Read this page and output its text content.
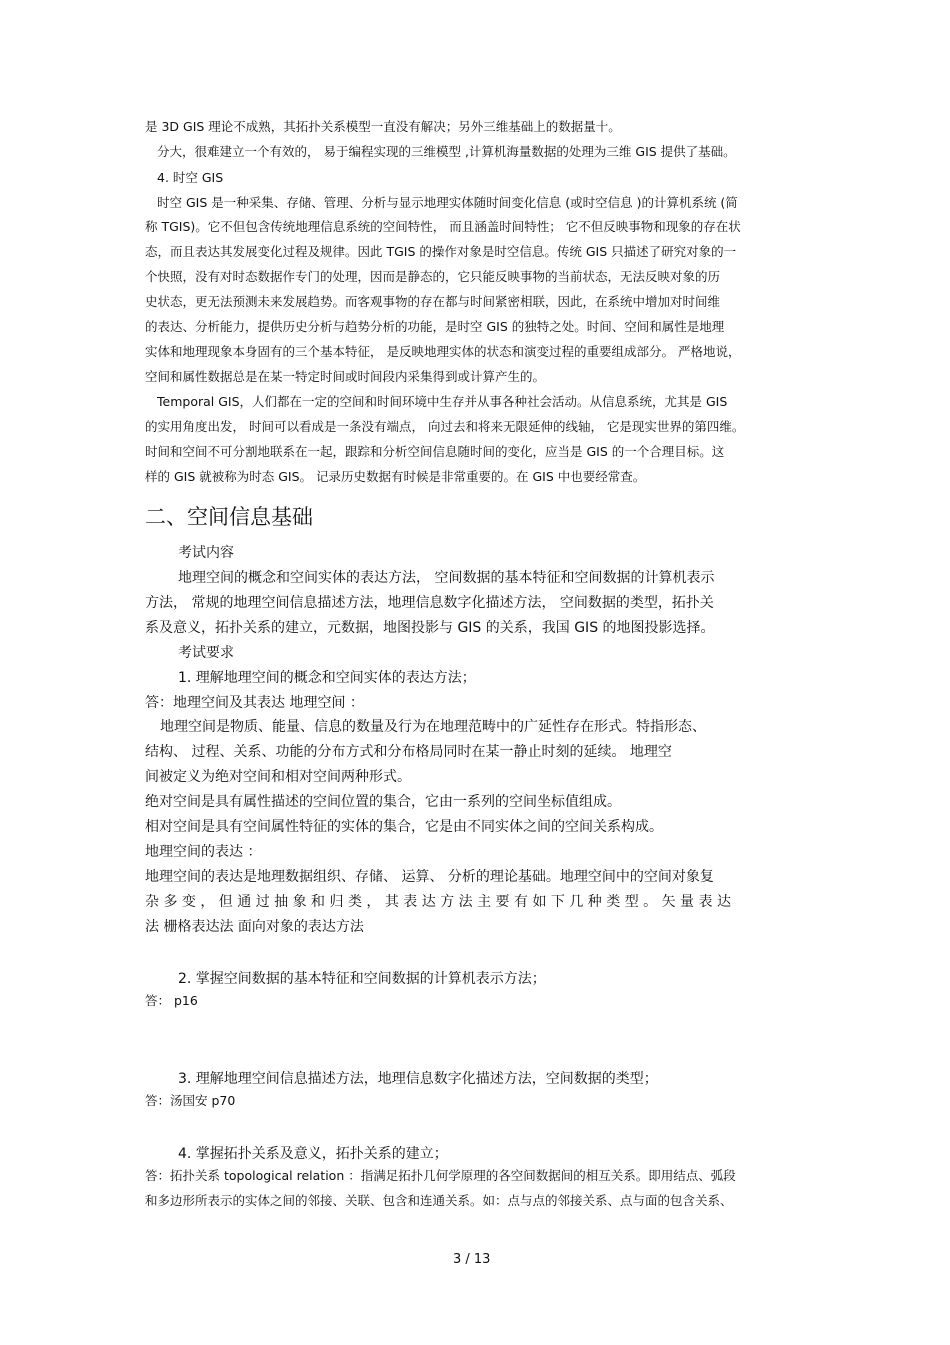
是 3D GIS 理论不成熟，其拓扑关系模型一直没有解决；另外三维基础上的数据量十。
分大，很难建立一个有效的， 易于编程实现的三维模型 ,计算机海量数据的处理为三维 GIS 提供了基础。
4. 时空 GIS
时空 GIS 是一种采集、存储、管理、分析与显示地理实体随时间变化信息 (或时空信息 )的计算机系统 (简
称 TGIS)。它不但包含传统地理信息系统的空间特性， 而且涵盖时间特性； 它不但反映事物和现象的存在状
态，而且表达其发展变化过程及规律。因此 TGIS 的操作对象是时空信息。传统 GIS 只描述了研究对象的一
个快照，没有对时态数据作专门的处理，因而是静态的，它只能反映事物的当前状态，无法反映对象的历
史状态，更无法预测未来发展趋势。而客观事物的存在都与时间紧密相联，因此，在系统中增加对时间维
的表达、分析能力，提供历史分析与趋势分析的功能，是时空 GIS 的独特之处。时间、空间和属性是地理
实体和地理现象本身固有的三个基本特征， 是反映地理实体的状态和演变过程的重要组成部分。 严格地说，
空间和属性数据总是在某一特定时间或时间段内采集得到或计算产生的。
Temporal GIS，人们都在一定的空间和时间环境中生存并从事各种社会活动。从信息系统，尤其是 GIS
的实用角度出发， 时间可以看成是一条没有端点， 向过去和将来无限延伸的线轴， 它是现实世界的第四维。
时间和空间不可分割地联系在一起，跟踪和分析空间信息随时间的变化，应当是 GIS 的一个合理目标。这
样的 GIS 就被称为时态 GIS。 记录历史数据有时候是非常重要的。在 GIS 中也要经常查。
二、空间信息基础
考试内容
地理空间的概念和空间实体的表达方法， 空间数据的基本特征和空间数据的计算机表示
方法， 常规的地理空间信息描述方法，地理信息数字化描述方法， 空间数据的类型，拓扑关
系及意义，拓扑关系的建立，元数据，地图投影与 GIS 的关系，我国 GIS 的地图投影选择。
考试要求
1. 理解地理空间的概念和空间实体的表达方法；
答：地理空间及其表达 地理空间 ：
地理空间是物质、能量、信息的数量及行为在地理范畴中的广延性存在形式。特指形态、
结构、 过程、关系、功能的分布方式和分布格局同时在某一静止时刻的延续。 地理空
间被定义为绝对空间和相对空间两种形式。
绝对空间是具有属性描述的空间位置的集合，它由一系列的空间坐标值组成。
相对空间是具有空间属性特征的实体的集合，它是由不同实体之间的空间关系构成。
地理空间的表达 ：
地理空间的表达是地理数据组织、存储、 运算、 分析的理论基础。地理空间中的空间对象复
杂 多 变 ， 但 通 过 抽 象 和 归 类 ， 其 表 达 方 法 主 要 有 如 下 几 种 类 型 。 矢 量 表 达
法 栅格表达法 面向对象的表达方法
2. 掌握空间数据的基本特征和空间数据的计算机表示方法；
答： p16
3. 理解地理空间信息描述方法，地理信息数字化描述方法，空间数据的类型；
答：汤国安 p70
4. 掌握拓扑关系及意义，拓扑关系的建立；
答：拓扑关系 topological relation ：指满足拓扑几何学原理的各空间数据间的相互关系。即用结点、弧段
和多边形所表示的实体之间的邻接、关联、包含和连通关系。如：点与点的邻接关系、点与面的包含关系、
3 / 13
